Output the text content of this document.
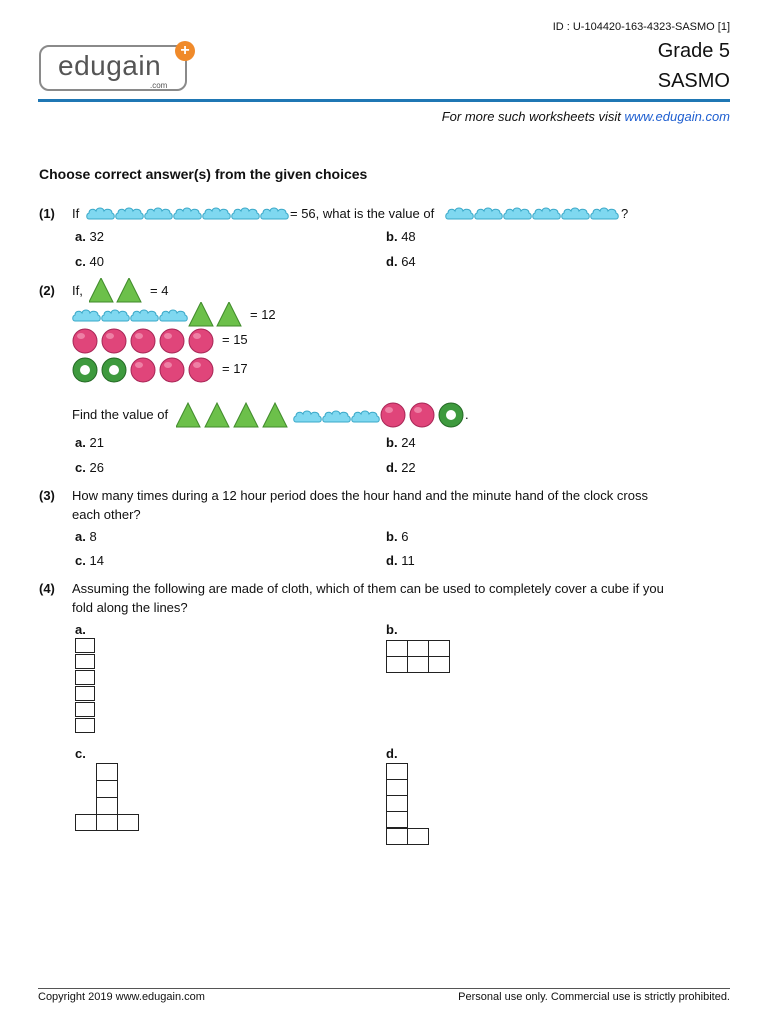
ID : U-104420-163-4323-SASMO [1]
Grade 5
SASMO
edugain
.com
+
For more such worksheets visit www.edugain.com
Choose correct answer(s) from the given choices
(1) If	= 56, what is the value of	?
a. 32	b. 48
c. 40	d. 64
(2) If,	= 4
= 12
= 15
= 17
Find the value of	.
a. 21	b. 24
c. 26	d. 22
(3) How many times during a 12 hour period does the hour hand and the minute hand of the clock cross
each other?
a. 8	b. 6
c. 14	d. 11
(4) Assuming the following are made of cloth, which of them can be used to completely cover a cube if you
fold along the lines?
a.	b.
c.	d.
Copyright 2019 www.edugain.com	Personal use only. Commercial use is strictly prohibited.
